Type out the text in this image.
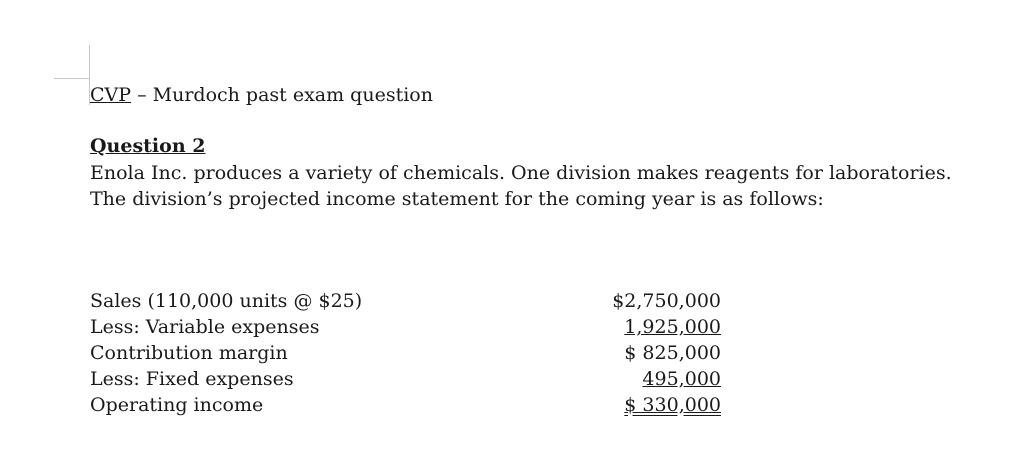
CVP – Murdoch past exam question
Question 2
Enola Inc. produces a variety of chemicals. One division makes reagents for laboratories. The division’s projected income statement for the coming year is as follows:
Sales (110,000 units @ $25)
Less: Variable expenses
Contribution margin
Less: Fixed expenses
Operating income
$2,750,000
1,925,000
$ 825,000
495,000
$ 330,000
